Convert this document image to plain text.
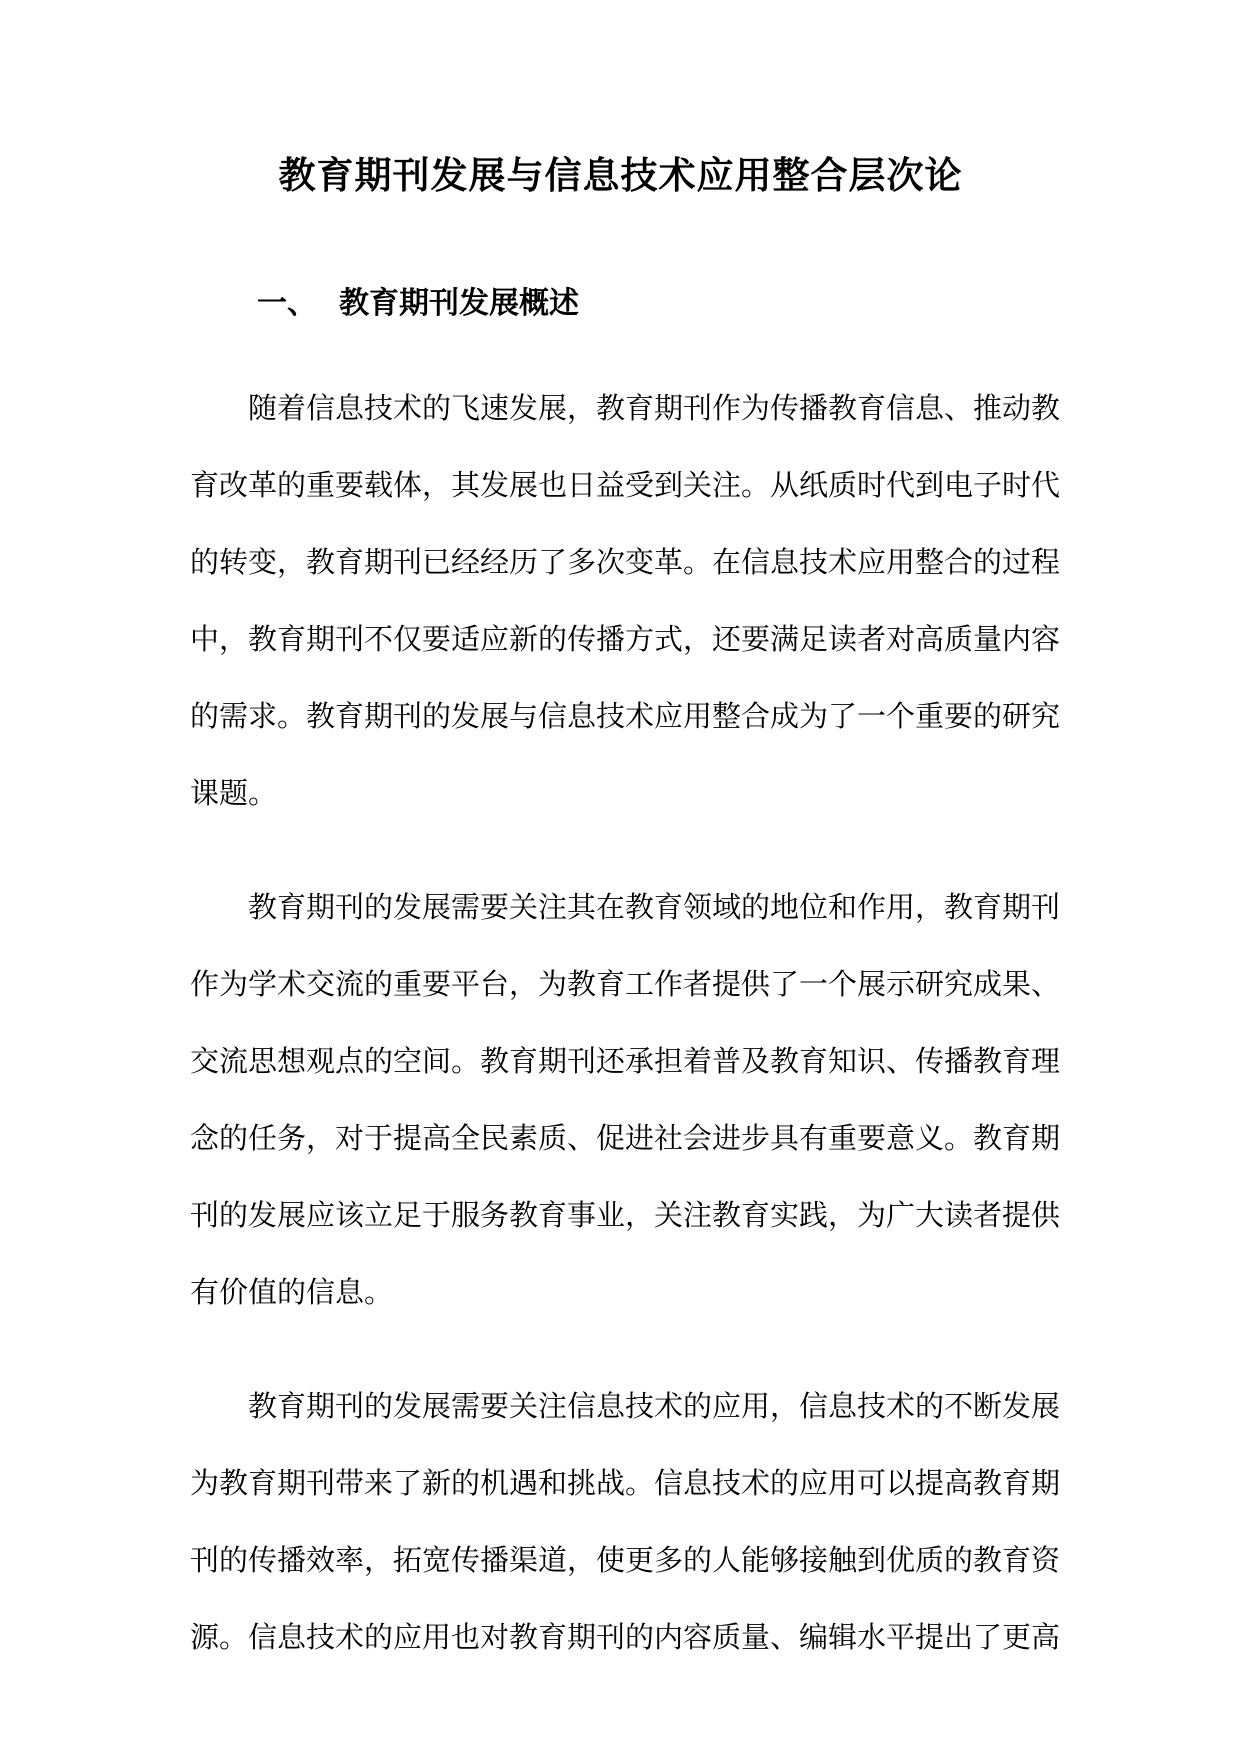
教育期刊发展与信息技术应用整合层次论
一、 教育期刊发展概述
随着信息技术的飞速发展，教育期刊作为传播教育信息、推动教
育改革的重要载体，其发展也日益受到关注。从纸质时代到电子时代
的转变，教育期刊已经经历了多次变革。在信息技术应用整合的过程
中，教育期刊不仅要适应新的传播方式，还要满足读者对高质量内容
的需求。教育期刊的发展与信息技术应用整合成为了一个重要的研究
课题。
教育期刊的发展需要关注其在教育领域的地位和作用，教育期刊
作为学术交流的重要平台，为教育工作者提供了一个展示研究成果、
交流思想观点的空间。教育期刊还承担着普及教育知识、传播教育理
念的任务，对于提高全民素质、促进社会进步具有重要意义。教育期
刊的发展应该立足于服务教育事业，关注教育实践，为广大读者提供
有价值的信息。
教育期刊的发展需要关注信息技术的应用，信息技术的不断发展
为教育期刊带来了新的机遇和挑战。信息技术的应用可以提高教育期
刊的传播效率，拓宽传播渠道，使更多的人能够接触到优质的教育资
源。信息技术的应用也对教育期刊的内容质量、编辑水平提出了更高
